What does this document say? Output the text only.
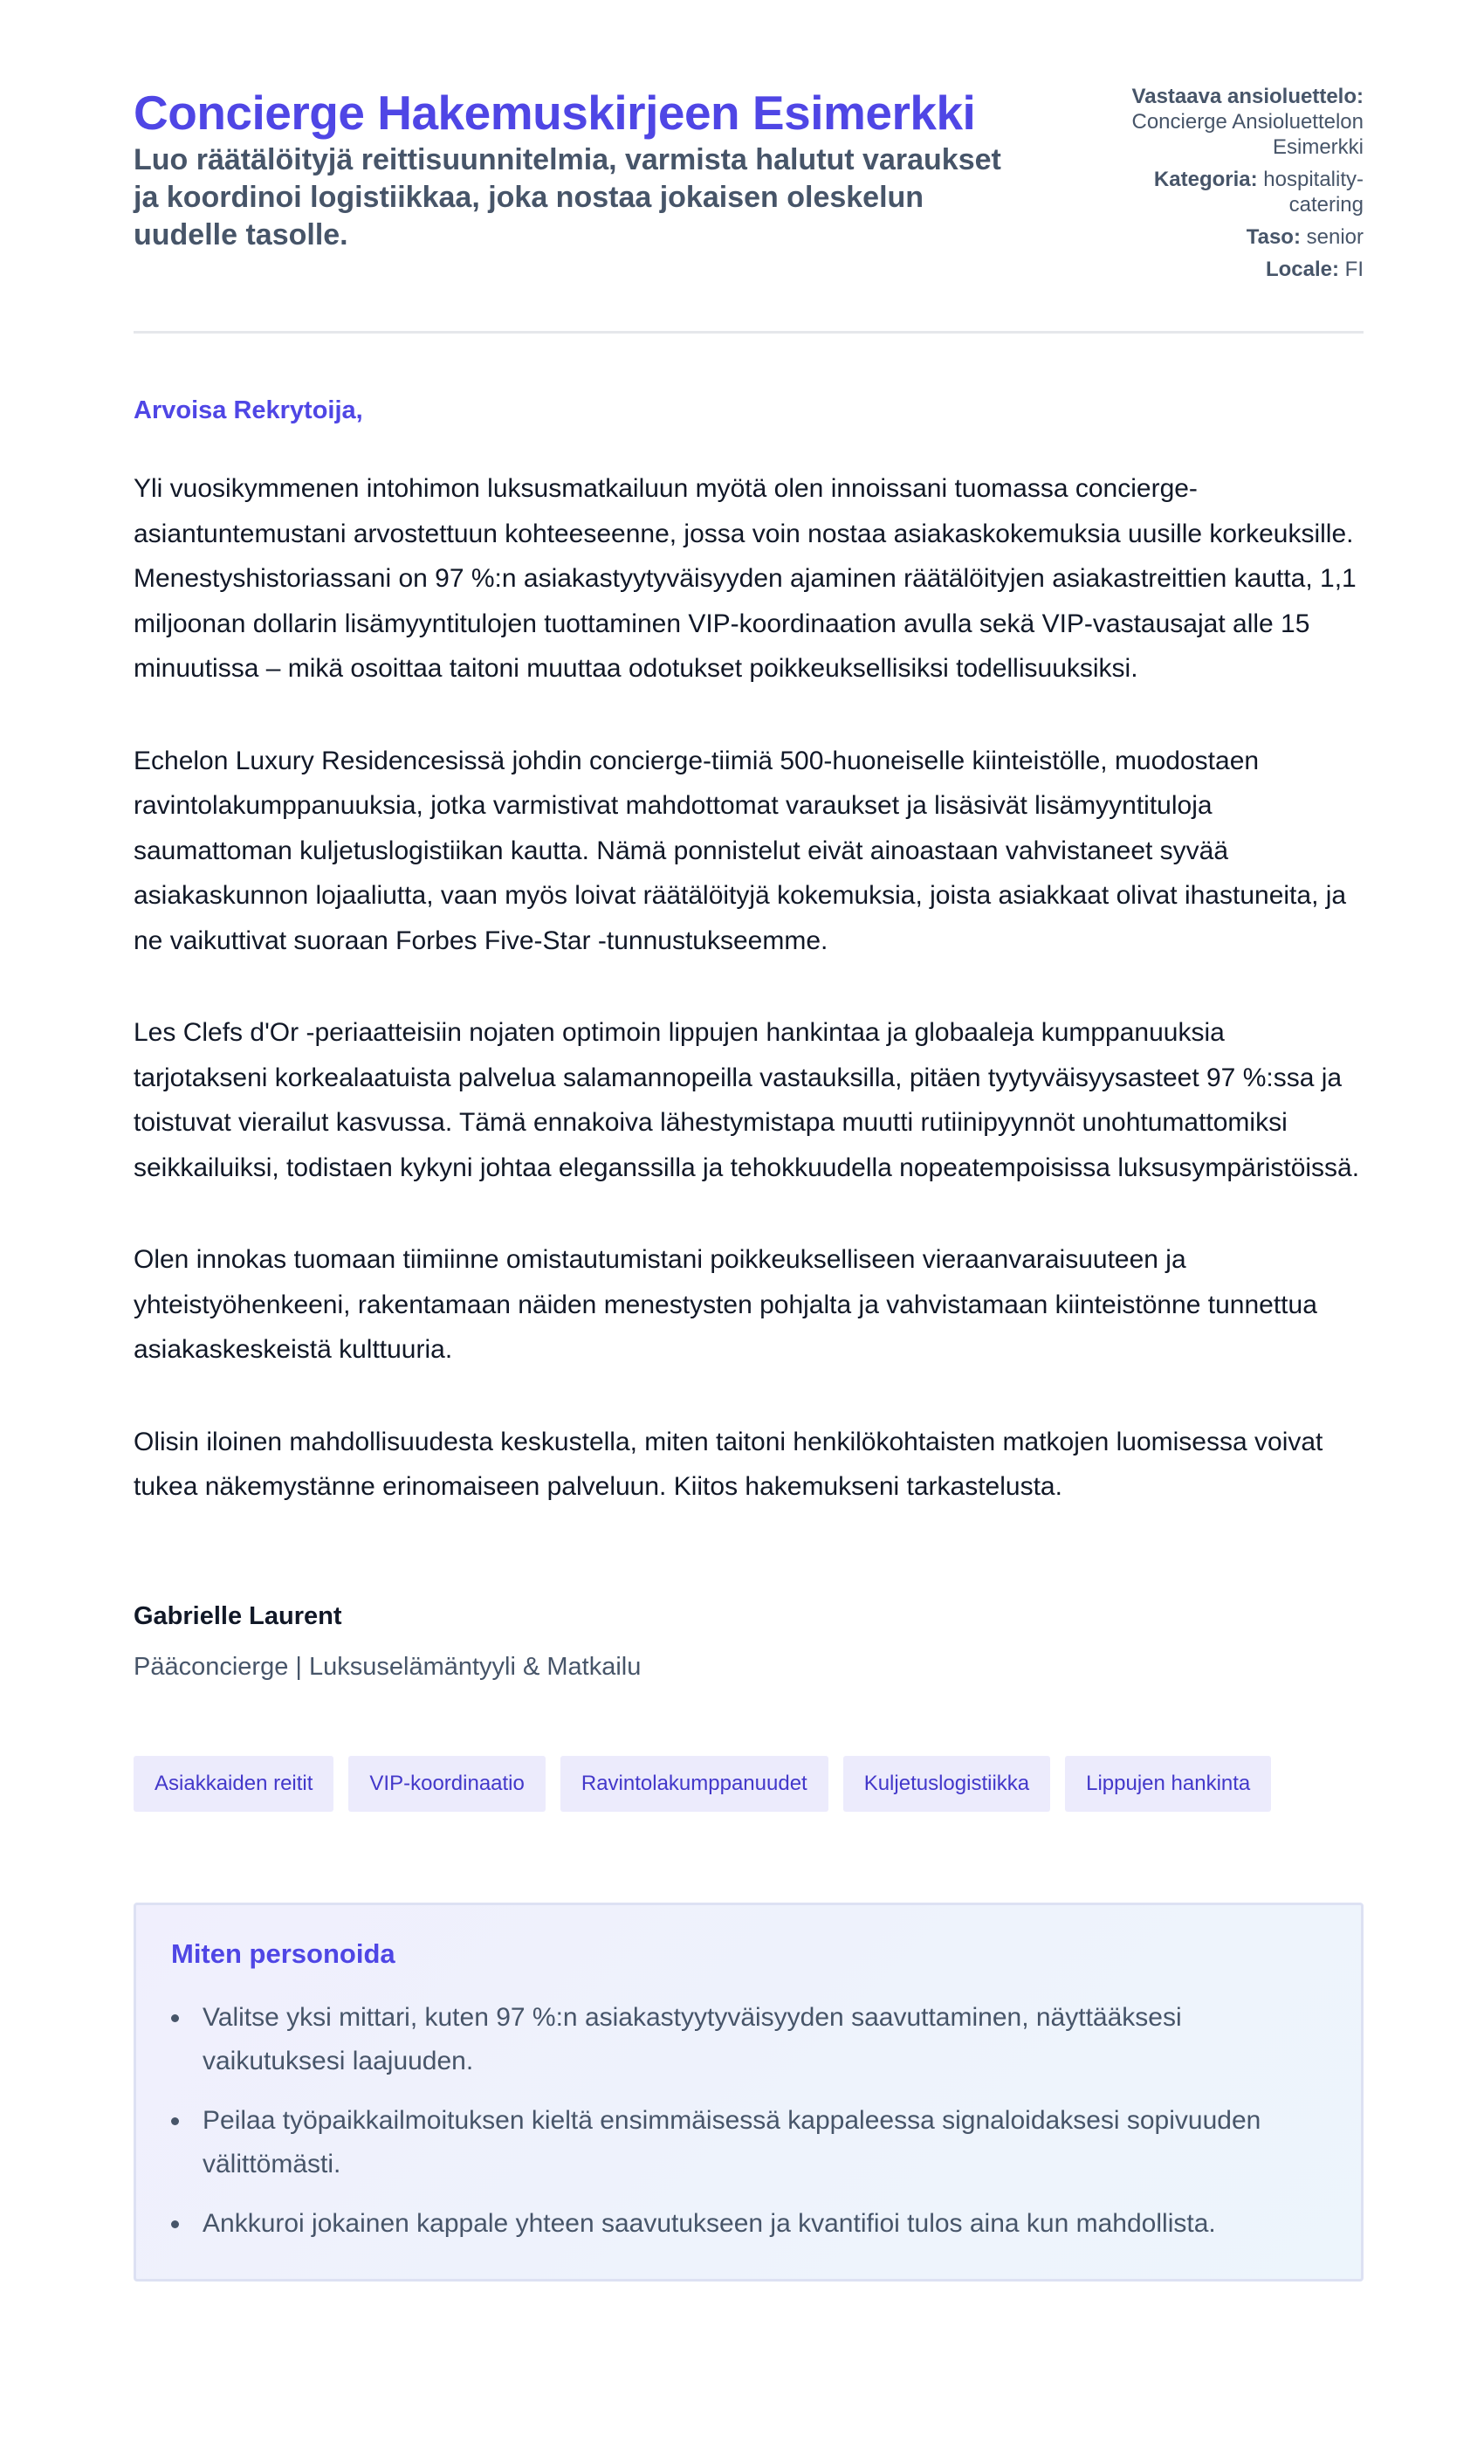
Concierge Hakemuskirjeen Esimerkki

Luo räätälöityjä reittisuunnitelmia, varmista halutut varaukset ja koordinoi logistiikkaa, joka nostaa jokaisen oleskelun uudelle tasolle.

Vastaava ansioluettelo: Concierge Ansioluettelon Esimerkki
Kategoria: hospitality-catering
Taso: senior
Locale: FI

Arvoisa Rekrytoija,

Yli vuosikymmenen intohimon luksusmatkailuun myötä olen innoissani tuomassa concierge-asiantuntemustani arvostettuun kohteeseenne, jossa voin nostaa asiakaskokemuksia uusille korkeuksille. Menestyshistoriassani on 97 %:n asiakastyytyväisyyden ajaminen räätälöityjen asiakastreittien kautta, 1,1 miljoonan dollarin lisämyyntitulojen tuottaminen VIP-koordinaation avulla sekä VIP-vastausajat alle 15 minuutissa – mikä osoittaa taitoni muuttaa odotukset poikkeuksellisiksi todellisuuksiksi.

Echelon Luxury Residencesissä johdin concierge-tiimiä 500-huoneiselle kiinteistölle, muodostaen ravintolakumppanuuksia, jotka varmistivat mahdottomat varaukset ja lisäsivät lisämyyntituloja saumattoman kuljetuslogistiikan kautta. Nämä ponnistelut eivät ainoastaan vahvistaneet syvää asiakaskunnon lojaaliutta, vaan myös loivat räätälöityjä kokemuksia, joista asiakkaat olivat ihastuneita, ja ne vaikuttivat suoraan Forbes Five-Star -tunnustukseemme.

Les Clefs d'Or -periaatteisiin nojaten optimoin lippujen hankintaa ja globaaleja kumppanuuksia tarjotakseni korkealaatuista palvelua salamannopeilla vastauksilla, pitäen tyytyväisyysasteet 97 %:ssa ja toistuvat vierailut kasvussa. Tämä ennakoiva lähestymistapa muutti rutiinipyynnöt unohtumattomiksi seikkailuiksi, todistaen kykyni johtaa eleganssilla ja tehokkuudella nopeatempoisissa luksusympäristöissä.

Olen innokas tuomaan tiimiinne omistautumistani poikkeukselliseen vieraanvaraisuuteen ja yhteistyöhenkeeni, rakentamaan näiden menestysten pohjalta ja vahvistamaan kiinteistönne tunnettua asiakaskeskeistä kulttuuria.

Olisin iloinen mahdollisuudesta keskustella, miten taitoni henkilökohtaisten matkojen luomisessa voivat tukea näkemystänne erinomaiseen palveluun. Kiitos hakemukseni tarkastelusta.

Gabrielle Laurent
Pääconcierge | Luksuselämäntyyli & Matkailu
Asiakkaiden reitit	VIP-koordinaatio	Ravintolakumppanuudet	Kuljetuslogistiikka	Lippujen hankinta
Miten personoida
Valitse yksi mittari, kuten 97 %:n asiakastyytyväisyyden saavuttaminen, näyttääksesi vaikutuksesi laajuuden.
Peilaa työpaikkailmoituksen kieltä ensimmäisessä kappaleessa signaloidaksesi sopivuuden välittömästi.
Ankkuroi jokainen kappale yhteen saavutukseen ja kvantifioi tulos aina kun mahdollista.
